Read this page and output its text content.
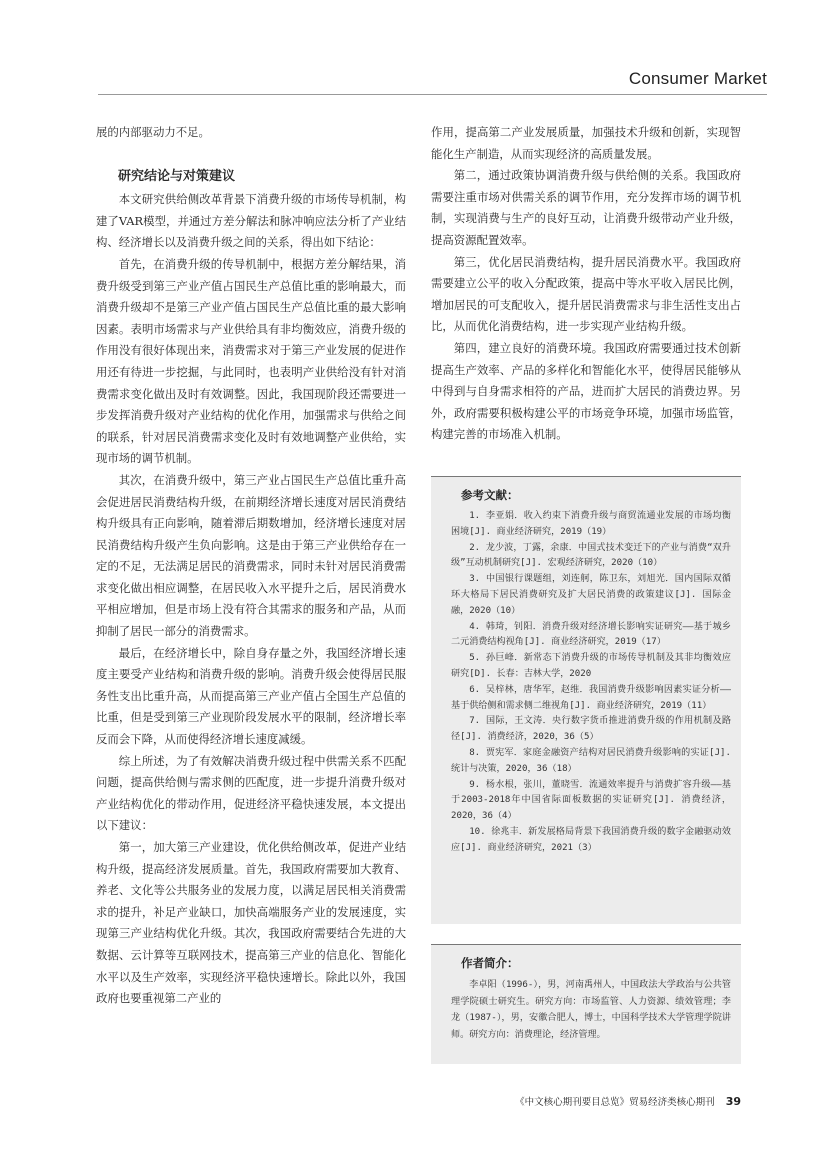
Consumer Market

展的内部驱动力不足。

研究结论与对策建议

本文研究供给侧改革背景下消费升级的市场传导机制，构建了VAR模型，并通过方差分解法和脉冲响应法分析了产业结构、经济增长以及消费升级之间的关系，得出如下结论：

首先，在消费升级的传导机制中，根据方差分解结果，消费升级受到第三产业产值占国民生产总值比重的影响最大，而消费升级却不是第三产业产值占国民生产总值比重的最大影响因素。表明市场需求与产业供给具有非均衡效应，消费升级的作用没有很好体现出来，消费需求对于第三产业发展的促进作用还有待进一步挖掘，与此同时，也表明产业供给没有针对消费需求变化做出及时有效调整。因此，我国现阶段还需要进一步发挥消费升级对产业结构的优化作用，加强需求与供给之间的联系，针对居民消费需求变化及时有效地调整产业供给，实现市场的调节机制。

其次，在消费升级中，第三产业占国民生产总值比重升高会促进居民消费结构升级，在前期经济增长速度对居民消费结构升级具有正向影响，随着滞后期数增加，经济增长速度对居民消费结构升级产生负向影响。这是由于第三产业供给存在一定的不足，无法满足居民的消费需求，同时未针对居民消费需求变化做出相应调整，在居民收入水平提升之后，居民消费水平相应增加，但是市场上没有符合其需求的服务和产品，从而抑制了居民一部分的消费需求。

最后，在经济增长中，除自身存量之外，我国经济增长速度主要受产业结构和消费升级的影响。消费升级会使得居民服务性支出比重升高，从而提高第三产业产值占全国生产总值的比重，但是受到第三产业现阶段发展水平的限制，经济增长率反而会下降，从而使得经济增长速度减缓。

综上所述，为了有效解决消费升级过程中供需关系不匹配问题，提高供给侧与需求侧的匹配度，进一步提升消费升级对产业结构优化的带动作用，促进经济平稳快速发展，本文提出以下建议：

第一，加大第三产业建设，优化供给侧改革，促进产业结构升级，提高经济发展质量。首先，我国政府需要加大教育、养老、文化等公共服务业的发展力度，以满足居民相关消费需求的提升，补足产业缺口，加快高端服务产业的发展速度，实现第三产业结构优化升级。其次，我国政府需要结合先进的大数据、云计算等互联网技术，提高第三产业的信息化、智能化水平以及生产效率，实现经济平稳快速增长。除此以外，我国政府也要重视第二产业的

作用，提高第二产业发展质量，加强技术升级和创新，实现智能化生产制造，从而实现经济的高质量发展。

第二，通过政策协调消费升级与供给侧的关系。我国政府需要注重市场对供需关系的调节作用，充分发挥市场的调节机制，实现消费与生产的良好互动，让消费升级带动产业升级，提高资源配置效率。

第三，优化居民消费结构，提升居民消费水平。我国政府需要建立公平的收入分配政策，提高中等水平收入居民比例，增加居民的可支配收入，提升居民消费需求与非生活性支出占比，从而优化消费结构，进一步实现产业结构升级。

第四，建立良好的消费环境。我国政府需要通过技术创新提高生产效率、产品的多样化和智能化水平，使得居民能够从中得到与自身需求相符的产品，进而扩大居民的消费边界。另外，政府需要积极构建公平的市场竞争环境，加强市场监管，构建完善的市场准入机制。

参考文献：
1. 李亚娟．收入约束下消费升级与商贸流通业发展的市场均衡困境[J]. 商业经济研究，2019（19）
2. 龙少波，丁露，余康．中国式技术变迁下的产业与消费“双升级”互动机制研究[J]. 宏观经济研究，2020（10）
3. 中国银行课题组，刘连舸，陈卫东，刘旭光．国内国际双循环大格局下居民消费研究及扩大居民消费的政策建议[J]. 国际金融，2020（10）
4. 韩琦，钊阳．消费升级对经济增长影响实证研究——基于城乡二元消费结构视角[J]. 商业经济研究，2019（17）
5. 孙巨峰．新常态下消费升级的市场传导机制及其非均衡效应研究[D]. 长春：吉林大学，2020
6. 吴梓林，唐华军，赵维．我国消费升级影响因素实证分析——基于供给侧和需求侧二维视角[J]. 商业经济研究，2019（11）
7. 国际，王文涛．央行数字货币推进消费升级的作用机制及路径[J]. 消费经济，2020，36（5）
8. 贾宪军．家庭金融资产结构对居民消费升级影响的实证[J]. 统计与决策，2020，36（18）
9. 杨水根，张川，董晓雪．流通效率提升与消费扩容升级——基于2003-2018年中国省际面板数据的实证研究[J]. 消费经济，2020，36（4）
10. 徐兆丰．新发展格局背景下我国消费升级的数字金融驱动效应[J]. 商业经济研究，2021（3）
作者简介：

李卓阳（1996-），男，河南禹州人，中国政法大学政治与公共管理学院硕士研究生。研究方向：市场监管、人力资源、绩效管理；李龙（1987-），男，安徽合肥人，博士，中国科学技术大学管理学院讲师。研究方向：消费理论，经济管理。

《中文核心期刊要目总览》贸易经济类核心期刊 39
